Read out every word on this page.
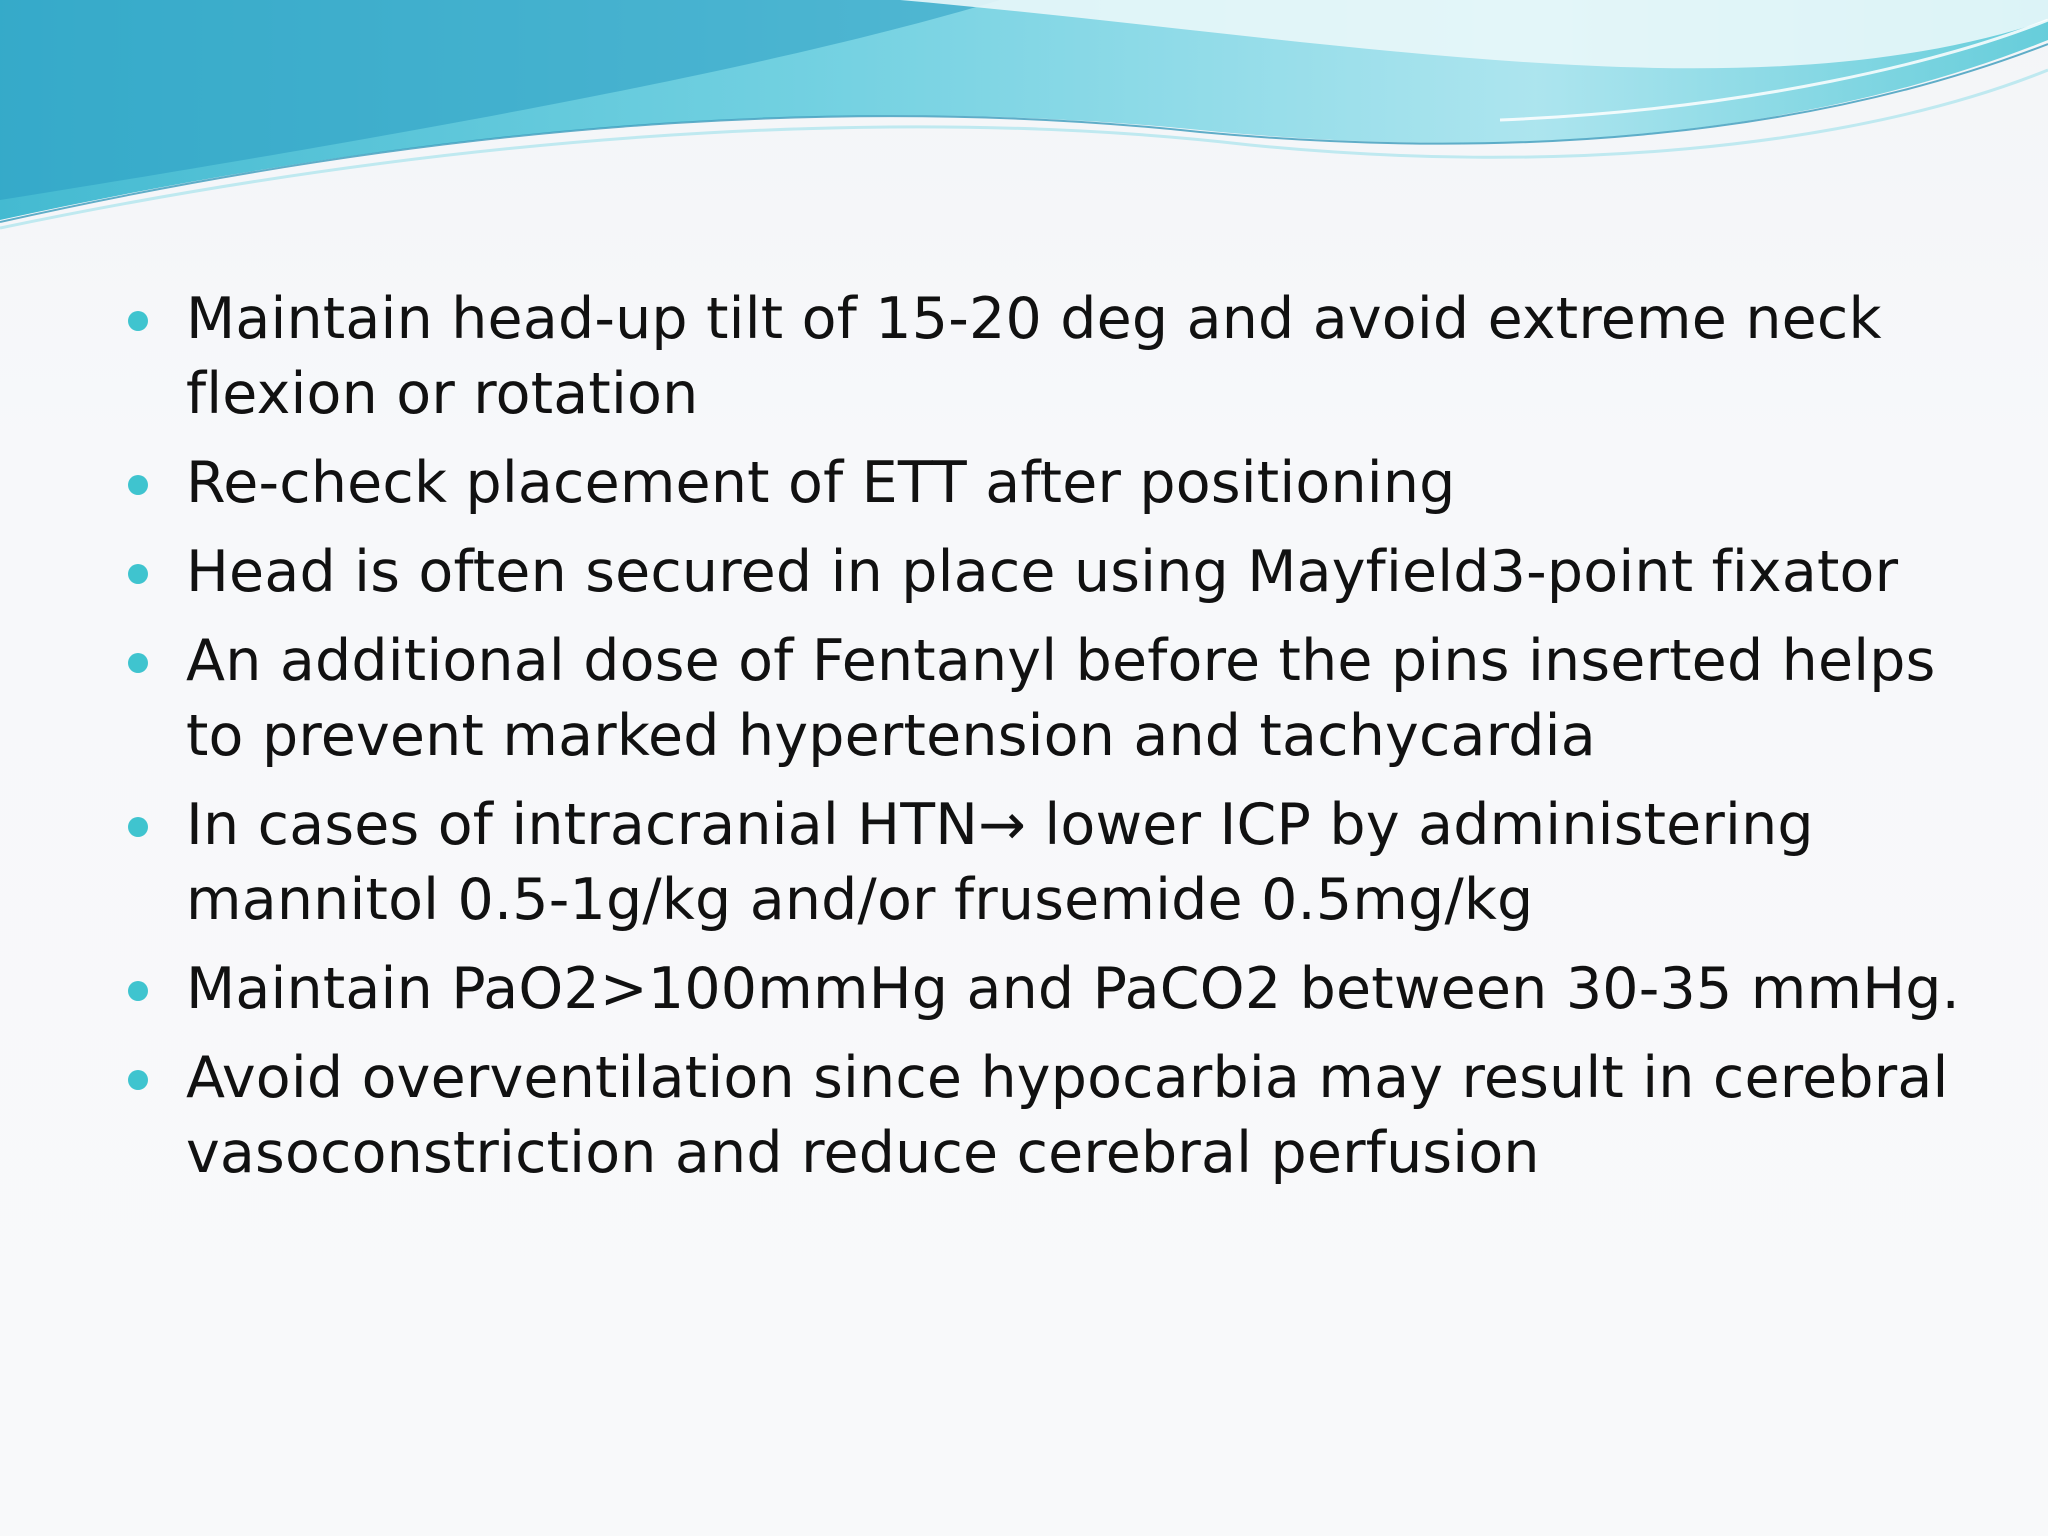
Maintain head-up tilt of 15-20 deg and avoid extreme neck flexion or rotation
Re-check placement of ETT after positioning
Head is often secured in place using Mayfield3-point fixator
An additional dose of Fentanyl before the pins inserted helps to prevent marked hypertension and tachycardia
In cases of intracranial HTN→ lower ICP by administering mannitol 0.5-1g/kg and/or frusemide 0.5mg/kg
Maintain PaO2>100mmHg and PaCO2 between 30-35 mmHg.
Avoid overventilation since hypocarbia may result in cerebral vasoconstriction and reduce cerebral perfusion
